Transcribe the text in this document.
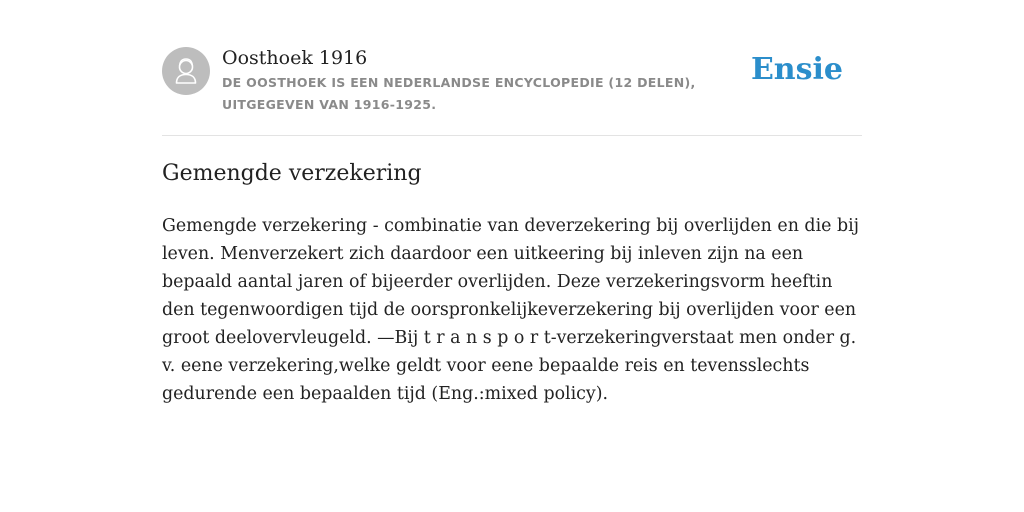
Oosthoek 1916
DE OOSTHOEK IS EEN NEDERLANDSE ENCYCLOPEDIE (12 DELEN), UITGEGEVEN VAN 1916-1925.
Ensie
Gemengde verzekering

Gemengde verzekering - combinatie van deverzekering bij overlijden en die bij leven. Menverzekert zich daardoor een uitkeering bij inleven zijn na een bepaald aantal jaren of bijeerder overlijden. Deze verzekeringsvorm heeftin den tegenwoordigen tijd de oorspronkelijkeverzekering bij overlijden voor een groot deelovervleugeld. —Bij t r a n s p o r t-verzekeringverstaat men onder g. v. eene verzekering,welke geldt voor eene bepaalde reis en tevensslechts gedurende een bepaalden tijd (Eng.:mixed policy).
